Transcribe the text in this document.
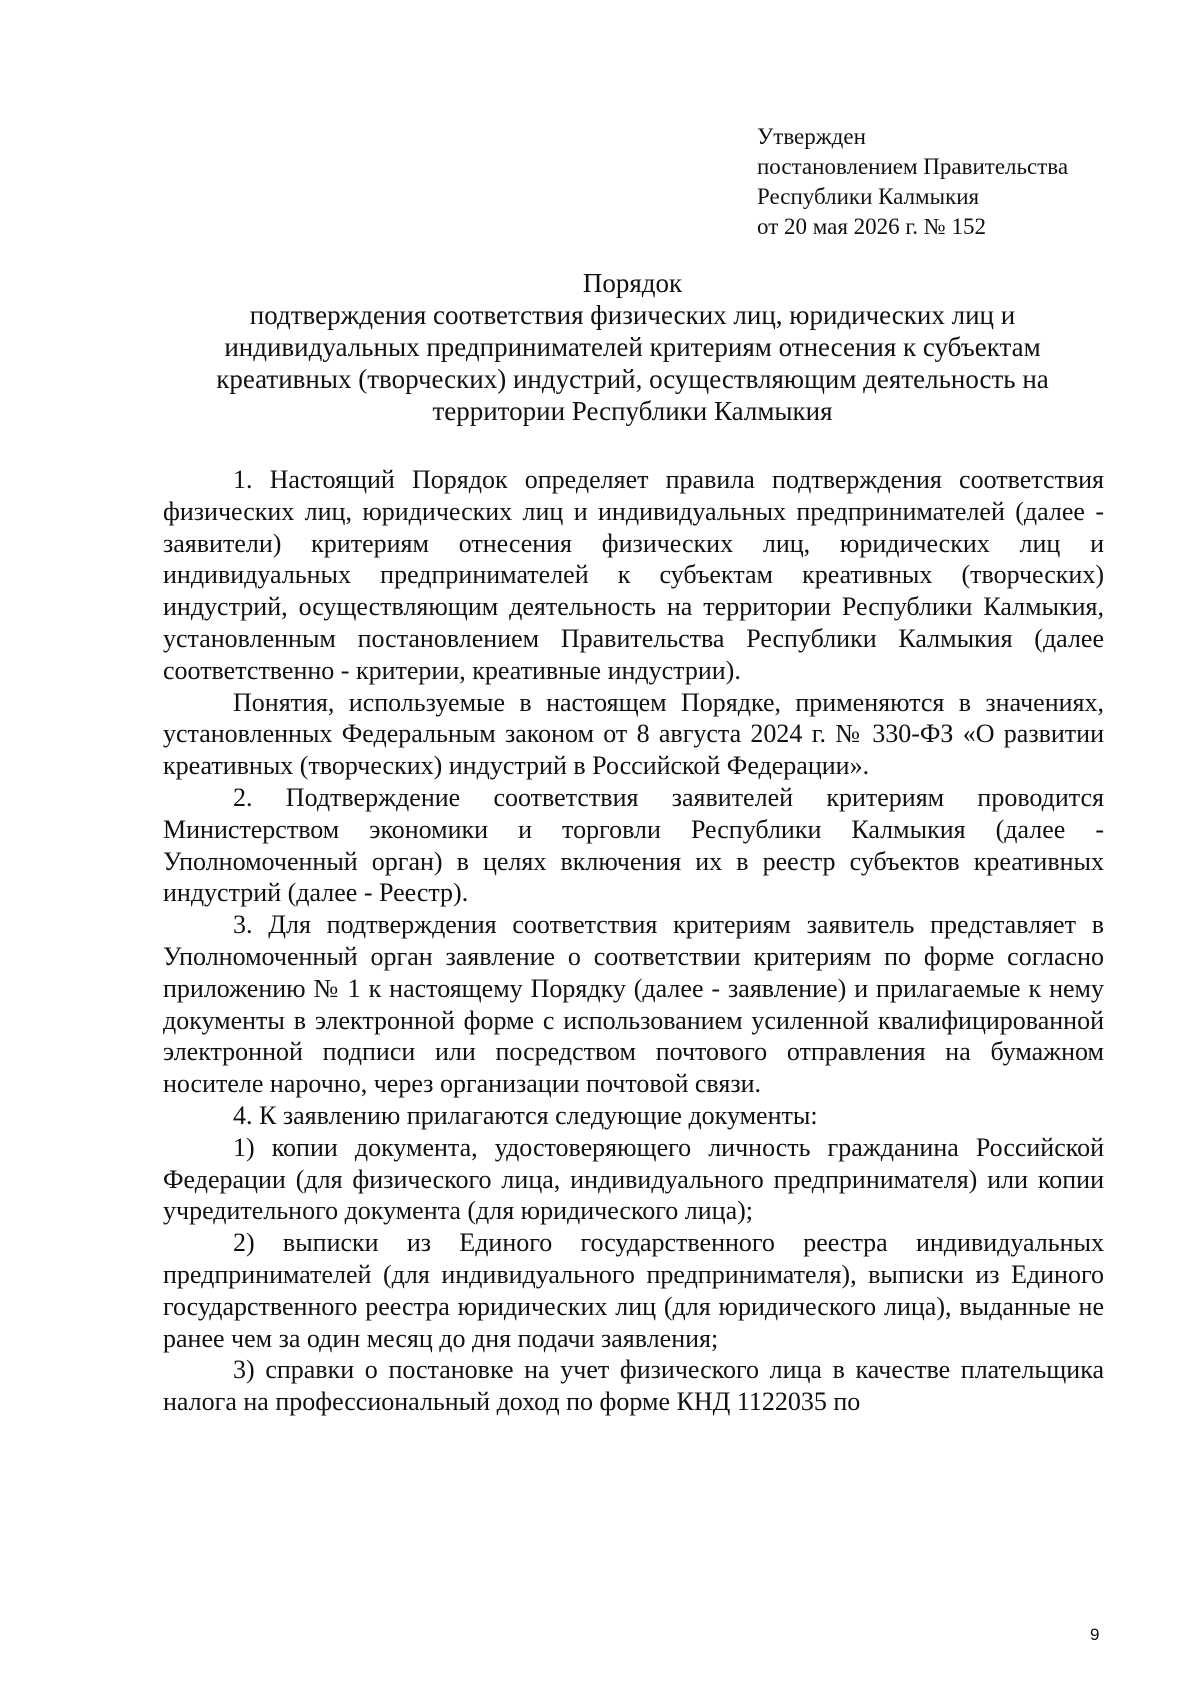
Утвержден
постановлением Правительства
Республики Калмыкия
от 20 мая 2026 г. № 152
Порядок
подтверждения соответствия физических лиц, юридических лиц и индивидуальных предпринимателей критериям отнесения к субъектам креативных (творческих) индустрий, осуществляющим деятельность на территории Республики Калмыкия

1. Настоящий Порядок определяет правила подтверждения соответствия физических лиц, юридических лиц и индивидуальных предпринимателей (далее - заявители) критериям отнесения физических лиц, юридических лиц и индивидуальных предпринимателей к субъектам креативных (творческих) индустрий, осуществляющим деятельность на территории Республики Калмыкия, установленным постановлением Правительства Республики Калмыкия (далее соответственно - критерии, креативные индустрии).

Понятия, используемые в настоящем Порядке, применяются в значениях, установленных Федеральным законом от 8 августа 2024 г. № 330-ФЗ «О развитии креативных (творческих) индустрий в Российской Федерации».

2. Подтверждение соответствия заявителей критериям проводится Министерством экономики и торговли Республики Калмыкия (далее - Уполномоченный орган) в целях включения их в реестр субъектов креативных индустрий (далее - Реестр).

3. Для подтверждения соответствия критериям заявитель представляет в Уполномоченный орган заявление о соответствии критериям по форме согласно приложению № 1 к настоящему Порядку (далее - заявление) и прилагаемые к нему документы в электронной форме с использованием усиленной квалифицированной электронной подписи или посредством почтового отправления на бумажном носителе нарочно, через организации почтовой связи.

4. К заявлению прилагаются следующие документы:

1) копии документа, удостоверяющего личность гражданина Российской Федерации (для физического лица, индивидуального предпринимателя) или копии учредительного документа (для юридического лица);

2) выписки из Единого государственного реестра индивидуальных предпринимателей (для индивидуального предпринимателя), выписки из Единого государственного реестра юридических лиц (для юридического лица), выданные не ранее чем за один месяц до дня подачи заявления;

3) справки о постановке на учет физического лица в качестве плательщика налога на профессиональный доход по форме КНД 1122035 по

9
